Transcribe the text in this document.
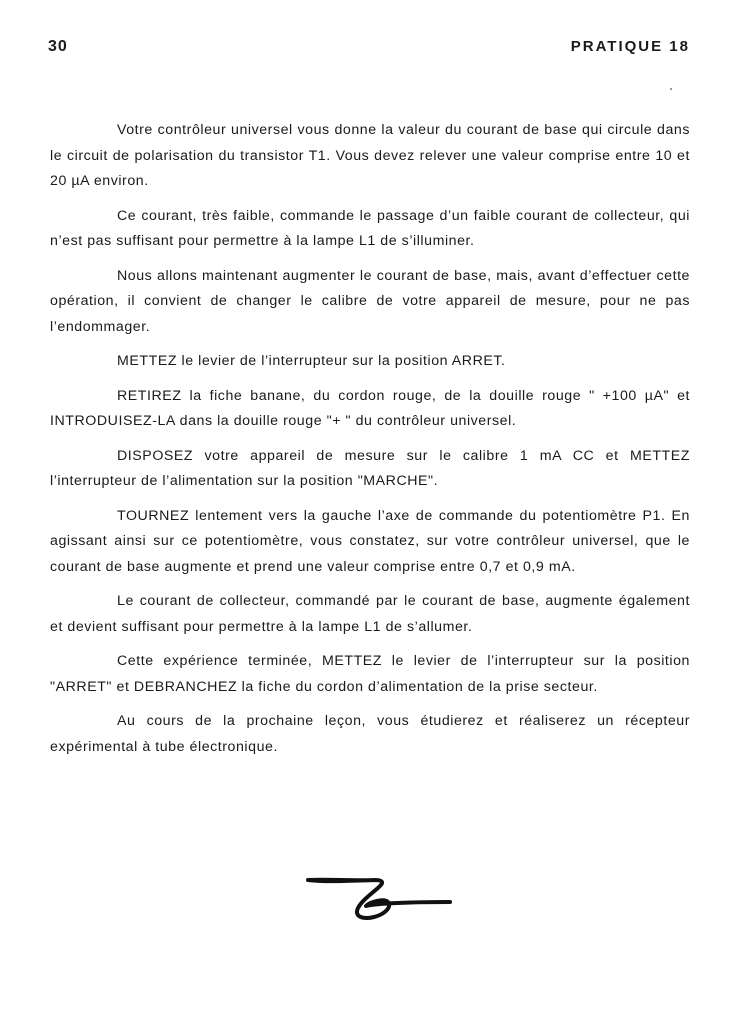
30	PRATIQUE 18

Votre contrôleur universel vous donne la valeur du courant de base qui circule dans le circuit de polarisation du transistor T1. Vous devez relever une valeur comprise entre 10 et 20 µA environ.

Ce courant, très faible, commande le passage d’un faible courant de collecteur, qui n’est pas suffisant pour permettre à la lampe L1 de s’illuminer.

Nous allons maintenant augmenter le courant de base, mais, avant d’effectuer cette opération, il convient de changer le calibre de votre appareil de mesure, pour ne pas l’endommager.

METTEZ le levier de l’interrupteur sur la position ARRET.

RETIREZ la fiche banane, du cordon rouge, de la douille rouge " +100 µA" et INTRODUISEZ-LA dans la douille rouge "+ " du contrôleur universel.

DISPOSEZ votre appareil de mesure sur le calibre 1 mA CC et METTEZ l’interrupteur de l’alimentation sur la position "MARCHE".

TOURNEZ lentement vers la gauche l’axe de commande du potentiomètre P1. En agissant ainsi sur ce potentiomètre, vous constatez, sur votre contrôleur universel, que le courant de base augmente et prend une valeur comprise entre 0,7 et 0,9 mA.

Le courant de collecteur, commandé par le courant de base, augmente également et devient suffisant pour permettre à la lampe L1 de s’allumer.

Cette expérience terminée, METTEZ le levier de l’interrupteur sur la position "ARRET" et DEBRANCHEZ la fiche du cordon d’alimentation de la prise secteur.

Au cours de la prochaine leçon, vous étudierez et réaliserez un récepteur expérimental à tube électronique.
